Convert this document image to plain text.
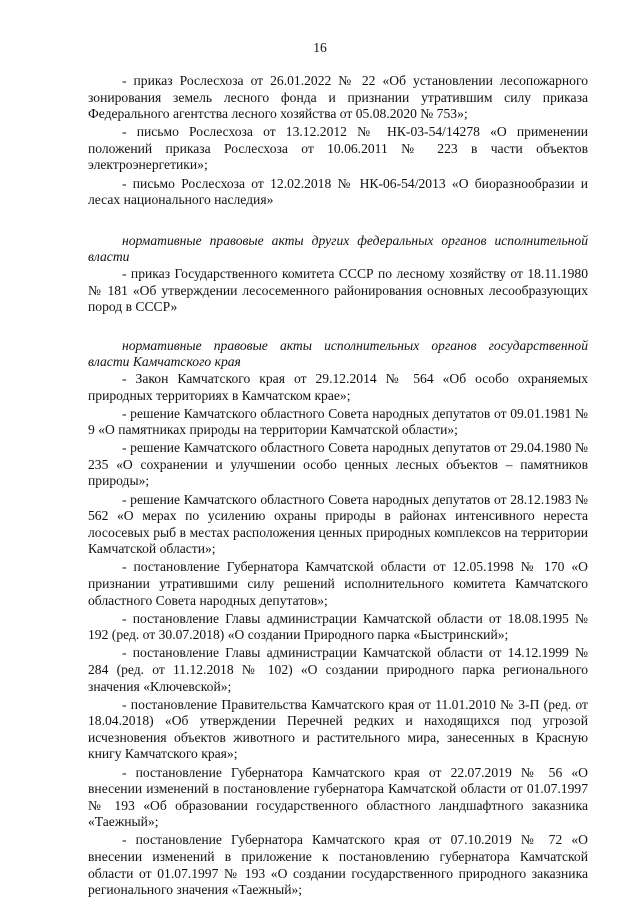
16

- приказ Рослесхоза от 26.01.2022 № 22 «Об установлении лесопожарного зонирования земель лесного фонда и признании утратившим силу приказа Федерального агентства лесного хозяйства от 05.08.2020 № 753»;

- письмо Рослесхоза от 13.12.2012 № НК-03-54/14278 «О применении положений приказа Рослесхоза от 10.06.2011 № 223 в части объектов электроэнергетики»;

- письмо Рослесхоза от 12.02.2018 № НК-06-54/2013 «О биоразнообразии и лесах национального наследия»

нормативные правовые акты других федеральных органов исполнительной власти

- приказ Государственного комитета СССР по лесному хозяйству от 18.11.1980 № 181 «Об утверждении лесосеменного районирования основных лесообразующих пород в СССР»

нормативные правовые акты исполнительных органов государственной власти Камчатского края

- Закон Камчатского края от 29.12.2014 № 564 «Об особо охраняемых природных территориях в Камчатском крае»;

- решение Камчатского областного Совета народных депутатов от 09.01.1981 № 9 «О памятниках природы на территории Камчатской области»;

- решение Камчатского областного Совета народных депутатов от 29.04.1980 № 235 «О сохранении и улучшении особо ценных лесных объектов – памятников природы»;

- решение Камчатского областного Совета народных депутатов от 28.12.1983 № 562 «О мерах по усилению охраны природы в районах интенсивного нереста лососевых рыб в местах расположения ценных природных комплексов на территории Камчатской области»;

- постановление Губернатора Камчатской области от 12.05.1998 № 170 «О признании утратившими силу решений исполнительного комитета Камчатского областного Совета народных депутатов»;

- постановление Главы администрации Камчатской области от 18.08.1995 № 192 (ред. от 30.07.2018) «О создании Природного парка «Быстринский»;

- постановление Главы администрации Камчатской области от 14.12.1999 № 284 (ред. от 11.12.2018 № 102) «О создании природного парка регионального значения «Ключевской»;

- постановление Правительства Камчатского края от 11.01.2010 № 3-П (ред. от 18.04.2018) «Об утверждении Перечней редких и находящихся под угрозой исчезновения объектов животного и растительного мира, занесенных в Красную книгу Камчатского края»;

- постановление Губернатора Камчатского края от 22.07.2019 № 56 «О внесении изменений в постановление губернатора Камчатской области от 01.07.1997 № 193 «Об образовании государственного областного ландшафтного заказника «Таежный»;

- постановление Губернатора Камчатского края от 07.10.2019 № 72 «О внесении изменений в приложение к постановлению губернатора Камчатской области от 01.07.1997 № 193 «О создании государственного природного заказника регионального значения «Таежный»;
